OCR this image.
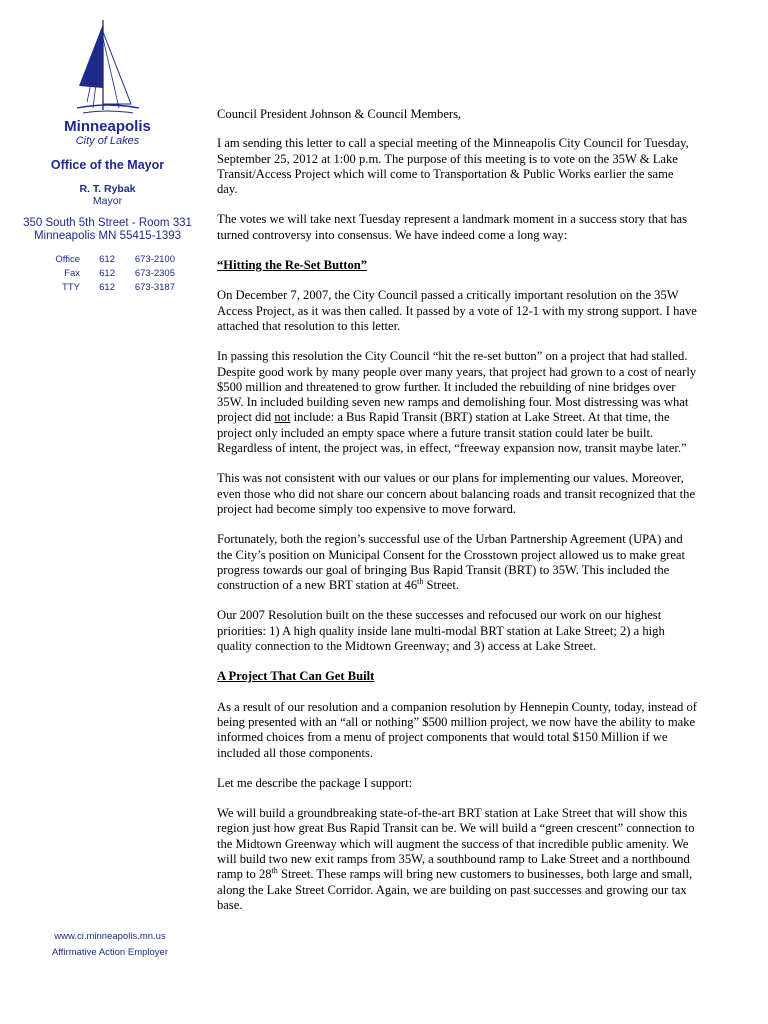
Minneapolis
City of Lakes
Office of the Mayor
R. T. Rybak
Mayor
350 South 5th Street - Room 331
Minneapolis MN 55415-1393
Office	612	673-2100
Fax	612	673-2305
TTY	612	673-3187
www.ci.minneapolis.mn.us
Affirmative Action Employer

Council President Johnson & Council Members,

I am sending this letter to call a special meeting of the Minneapolis City Council for Tuesday, September 25, 2012 at 1:00 p.m. The purpose of this meeting is to vote on the 35W & Lake Transit/Access Project which will come to Transportation & Public Works earlier the same day.

The votes we will take next Tuesday represent a landmark moment in a success story that has turned controversy into consensus. We have indeed come a long way:

“Hitting the Re-Set Button”

On December 7, 2007, the City Council passed a critically important resolution on the 35W Access Project, as it was then called. It passed by a vote of 12-1 with my strong support. I have attached that resolution to this letter.

In passing this resolution the City Council “hit the re-set button” on a project that had stalled. Despite good work by many people over many years, that project had grown to a cost of nearly $500 million and threatened to grow further. It included the rebuilding of nine bridges over 35W. In included building seven new ramps and demolishing four. Most distressing was what project did not include: a Bus Rapid Transit (BRT) station at Lake Street. At that time, the project only included an empty space where a future transit station could later be built. Regardless of intent, the project was, in effect, “freeway expansion now, transit maybe later.”

This was not consistent with our values or our plans for implementing our values. Moreover, even those who did not share our concern about balancing roads and transit recognized that the project had become simply too expensive to move forward.

Fortunately, both the region’s successful use of the Urban Partnership Agreement (UPA) and the City’s position on Municipal Consent for the Crosstown project allowed us to make great progress towards our goal of bringing Bus Rapid Transit (BRT) to 35W. This included the construction of a new BRT station at 46th Street.

Our 2007 Resolution built on the these successes and refocused our work on our highest priorities: 1) A high quality inside lane multi-modal BRT station at Lake Street; 2) a high quality connection to the Midtown Greenway; and 3) access at Lake Street.

A Project That Can Get Built

As a result of our resolution and a companion resolution by Hennepin County, today, instead of being presented with an “all or nothing” $500 million project, we now have the ability to make informed choices from a menu of project components that would total $150 Million if we included all those components.

Let me describe the package I support:

We will build a groundbreaking state-of-the-art BRT station at Lake Street that will show this region just how great Bus Rapid Transit can be. We will build a “green crescent” connection to the Midtown Greenway which will augment the success of that incredible public amenity. We will build two new exit ramps from 35W, a southbound ramp to Lake Street and a northbound ramp to 28th Street. These ramps will bring new customers to businesses, both large and small, along the Lake Street Corridor. Again, we are building on past successes and growing our tax base.
